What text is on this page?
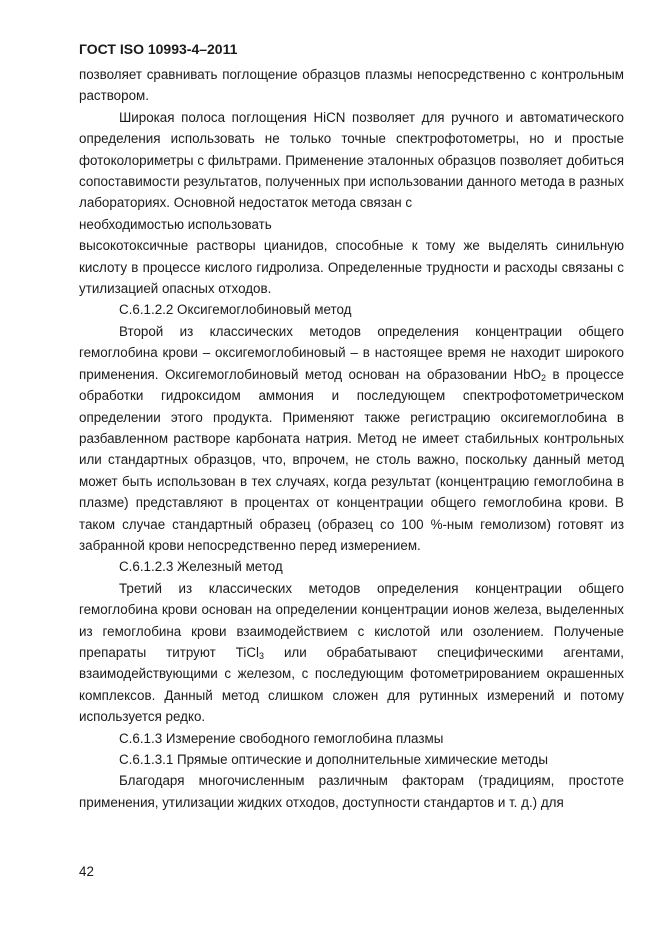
ГОСТ ISO 10993-4–2011

позволяет сравнивать поглощение образцов плазмы непосредственно с контрольным раствором.

Широкая полоса поглощения HiCN позволяет для ручного и автоматического определения использовать не только точные спектрофотометры, но и простые фотоколориметры с фильтрами. Применение эталонных образцов позволяет добиться сопоставимости результатов, полученных при использовании данного метода в разных лабораториях. Основной недостаток метода связан с
необходимостью использовать

высокотоксичные растворы цианидов, способные к тому же выделять синильную кислоту в процессе кислого гидролиза. Определенные трудности и расходы связаны с утилизацией опасных отходов.

С.6.1.2.2 Оксигемоглобиновый метод

Второй из классических методов определения концентрации общего гемоглобина крови – оксигемоглобиновый – в настоящее время не находит широкого применения. Оксигемоглобиновый метод основан на образовании HbO$_2$ в процессе обработки гидроксидом аммония и последующем спектрофотометрическом определении этого продукта. Применяют также регистрацию оксигемоглобина в разбавленном растворе карбоната натрия. Метод не имеет стабильных контрольных или стандартных образцов, что, впрочем, не столь важно, поскольку данный метод может быть использован в тех случаях, когда результат (концентрацию гемоглобина в плазме) представляют в процентах от концентрации общего гемоглобина крови. В таком случае стандартный образец (образец со 100 %-ным гемолизом) готовят из забранной крови непосредственно перед измерением.

С.6.1.2.3 Железный метод

Третий из классических методов определения концентрации общего гемоглобина крови основан на определении концентрации ионов железа, выделенных из гемоглобина крови взаимодействием с кислотой или озолением. Полученые препараты титруют TiCl$_3$ или обрабатывают специфическими агентами, взаимодействующими с железом, с последующим фотометрированием окрашенных комплексов. Данный метод слишком сложен для рутинных измерений и потому используется редко.

С.6.1.3 Измерение свободного гемоглобина плазмы

С.6.1.3.1 Прямые оптические и дополнительные химические методы

Благодаря многочисленным различным факторам (традициям, простоте применения, утилизации жидких отходов, доступности стандартов и т. д.) для

42
